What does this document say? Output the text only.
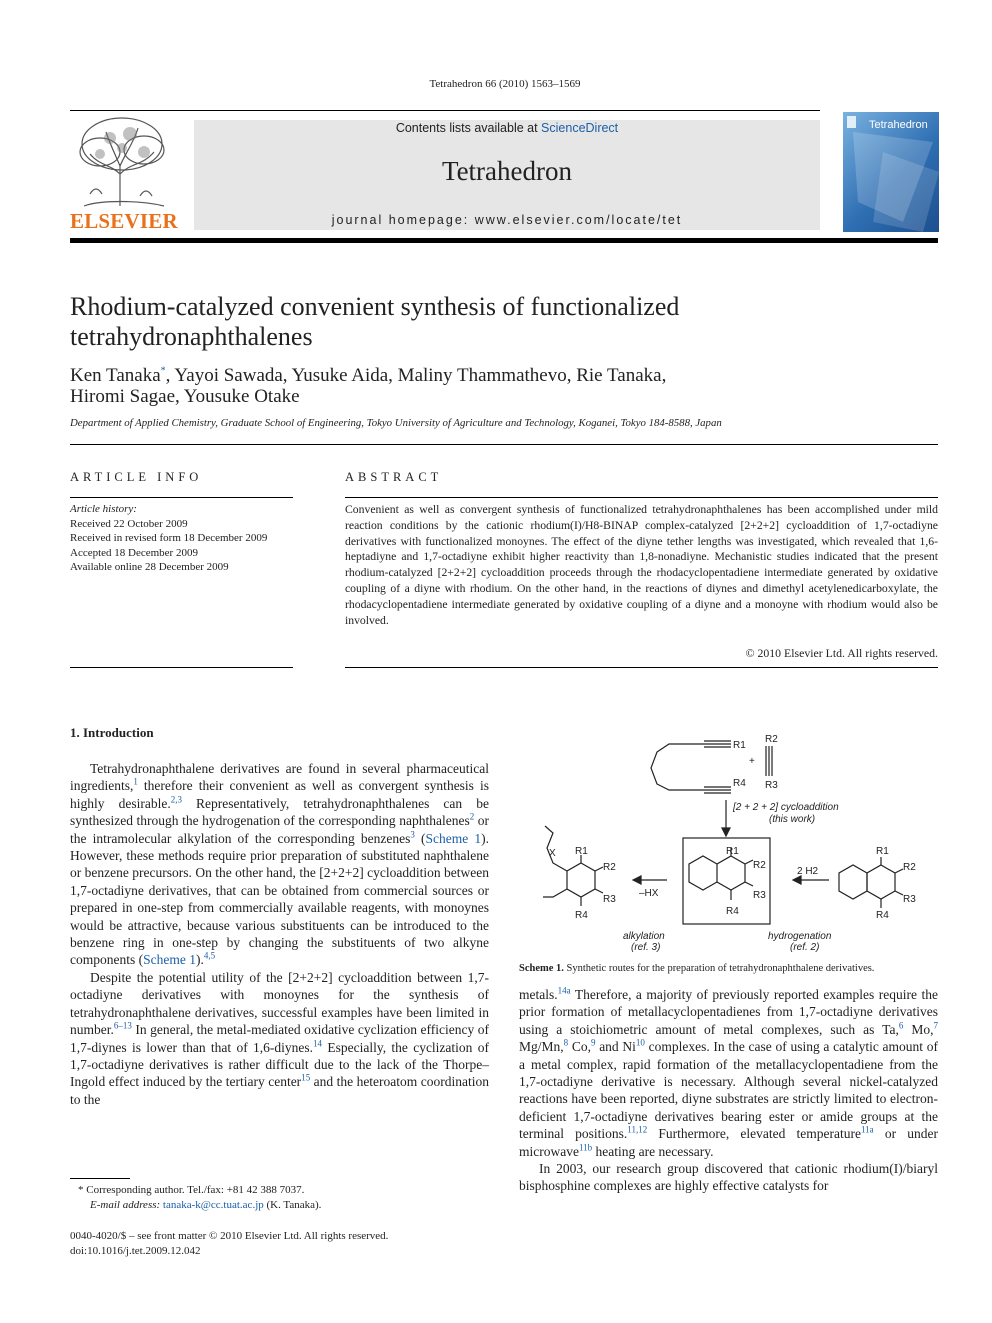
Tetrahedron 66 (2010) 1563–1569
ELSEVIER
Contents lists available at ScienceDirect
Tetrahedron
journal homepage: www.elsevier.com/locate/tet
Tetrahedron
Rhodium-catalyzed convenient synthesis of functionalized tetrahydronaphthalenes
Ken Tanaka*, Yayoi Sawada, Yusuke Aida, Maliny Thammathevo, Rie Tanaka,
Hiromi Sagae, Yousuke Otake
Department of Applied Chemistry, Graduate School of Engineering, Tokyo University of Agriculture and Technology, Koganei, Tokyo 184-8588, Japan
ARTICLE INFO	ABSTRACT
Article history:
Received 22 October 2009
Received in revised form 18 December 2009
Accepted 18 December 2009
Available online 28 December 2009
Convenient as well as convergent synthesis of functionalized tetrahydronaphthalenes has been accomplished under mild reaction conditions by the cationic rhodium(I)/H8-BINAP complex-catalyzed [2+2+2] cycloaddition of 1,7-octadiyne derivatives with functionalized monoynes. The effect of the diyne tether lengths was investigated, which revealed that 1,6-heptadiyne and 1,7-octadiyne exhibit higher reactivity than 1,8-nonadiyne. Mechanistic studies indicated that the present rhodium-catalyzed [2+2+2] cycloaddition proceeds through the rhodacyclopentadiene intermediate generated by oxidative coupling of a diyne with rhodium. On the other hand, in the reactions of diynes and dimethyl acetylenedicarboxylate, the rhodacyclopentadiene intermediate generated by oxidative coupling of a diyne and a monoyne with rhodium would also be involved.
© 2010 Elsevier Ltd. All rights reserved.
1. Introduction

Tetrahydronaphthalene derivatives are found in several pharmaceutical ingredients,$^1$ therefore their convenient as well as convergent synthesis is highly desirable.$^{2,3}$ Representatively, tetrahydronaphthalenes can be synthesized through the hydrogenation of the corresponding naphthalenes$^2$ or the intramolecular alkylation of the corresponding benzenes$^3$ (Scheme 1). However, these methods require prior preparation of substituted naphthalene or benzene precursors. On the other hand, the [2+2+2] cycloaddition between 1,7-octadiyne derivatives, that can be obtained from commercial sources or prepared in one-step from commercially available reagents, with monoynes would be attractive, because various substituents can be introduced to the benzene ring in one-step by changing the substituents of two alkyne components (Scheme 1).$^{4,5}$

Despite the potential utility of the [2+2+2] cycloaddition between 1,7-octadiyne derivatives with monoynes for the synthesis of tetrahydronaphthalene derivatives, successful examples have been limited in number.$^{6-13}$ In general, the metal-mediated oxidative cyclization efficiency of 1,7-diynes is lower than that of 1,6-diynes.$^{14}$ Especially, the cyclization of 1,7-octadiyne derivatives is rather difficult due to the lack of the Thorpe–Ingold effect induced by the tertiary center$^{15}$ and the heteroatom coordination to the

R1
R4
R2
R3
+
[2 + 2 + 2] cycloaddition
(this work)
R1
R2
R3
R4
X R1
R2
R3
R4
–HX
2 H2
R1
R2
R3
R4
alkylation
(ref. 3)
hydrogenation
(ref. 2)
Scheme 1. Synthetic routes for the preparation of tetrahydronaphthalene derivatives.

metals.$^{14a}$ Therefore, a majority of previously reported examples require the prior formation of metallacyclopentadienes from 1,7-octadiyne derivatives using a stoichiometric amount of metal complexes, such as Ta,$^6$ Mo,$^7$ Mg/Mn,$^8$ Co,$^9$ and Ni$^{10}$ complexes. In the case of using a catalytic amount of a metal complex, rapid formation of the metallacyclopentadiene from the 1,7-octadiyne derivative is necessary. Although several nickel-catalyzed reactions have been reported, diyne substrates are strictly limited to electron-deficient 1,7-octadiyne derivatives bearing ester or amide groups at the terminal positions.$^{11,12}$ Furthermore, elevated temperature$^{11a}$ or under microwave$^{11b}$ heating are necessary.

In 2003, our research group discovered that cationic rhodium(I)/biaryl bisphosphine complexes are highly effective catalysts for

* Corresponding author. Tel./fax: +81 42 388 7037.
E-mail address: tanaka-k@cc.tuat.ac.jp (K. Tanaka).
0040-4020/$ – see front matter © 2010 Elsevier Ltd. All rights reserved.
doi:10.1016/j.tet.2009.12.042
